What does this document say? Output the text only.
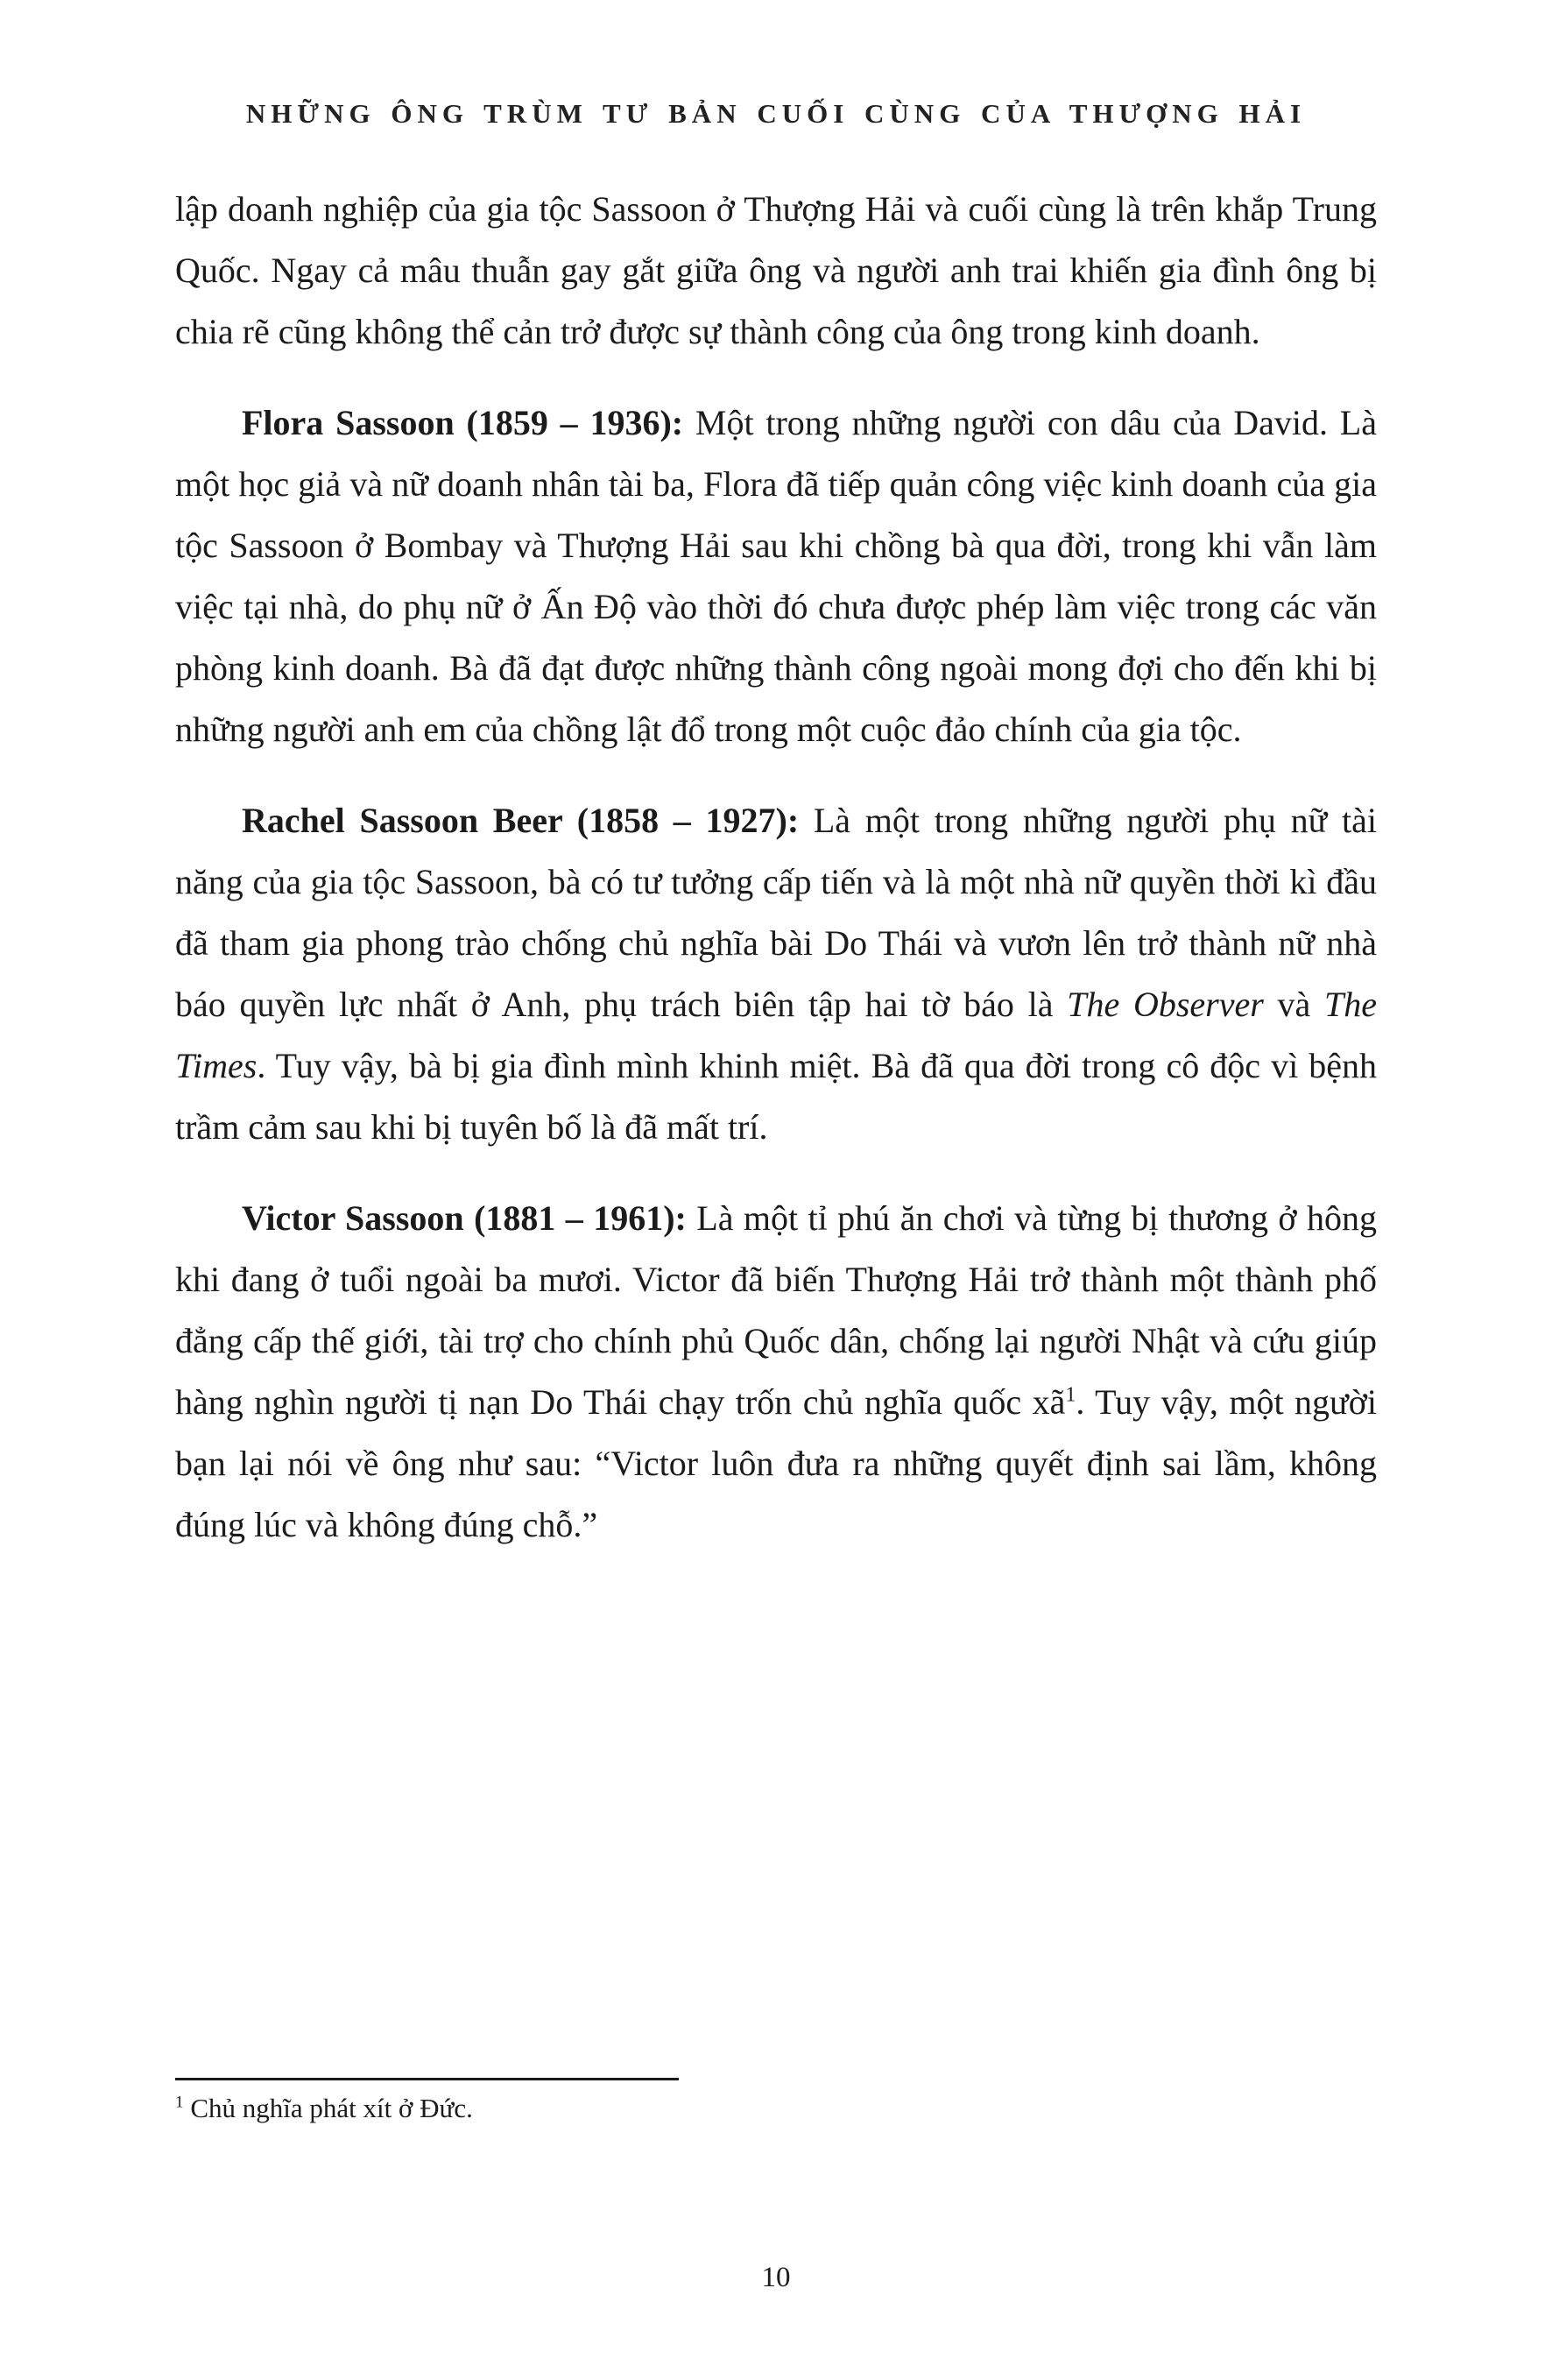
NHỮNG ÔNG TRÙM TƯ BẢN CUỐI CÙNG CỦA THƯỢNG HẢI

lập doanh nghiệp của gia tộc Sassoon ở Thượng Hải và cuối cùng là trên khắp Trung Quốc. Ngay cả mâu thuẫn gay gắt giữa ông và người anh trai khiến gia đình ông bị chia rẽ cũng không thể cản trở được sự thành công của ông trong kinh doanh.

Flora Sassoon (1859 – 1936): Một trong những người con dâu của David. Là một học giả và nữ doanh nhân tài ba, Flora đã tiếp quản công việc kinh doanh của gia tộc Sassoon ở Bombay và Thượng Hải sau khi chồng bà qua đời, trong khi vẫn làm việc tại nhà, do phụ nữ ở Ấn Độ vào thời đó chưa được phép làm việc trong các văn phòng kinh doanh. Bà đã đạt được những thành công ngoài mong đợi cho đến khi bị những người anh em của chồng lật đổ trong một cuộc đảo chính của gia tộc.

Rachel Sassoon Beer (1858 – 1927): Là một trong những người phụ nữ tài năng của gia tộc Sassoon, bà có tư tưởng cấp tiến và là một nhà nữ quyền thời kì đầu đã tham gia phong trào chống chủ nghĩa bài Do Thái và vươn lên trở thành nữ nhà báo quyền lực nhất ở Anh, phụ trách biên tập hai tờ báo là The Observer và The Times. Tuy vậy, bà bị gia đình mình khinh miệt. Bà đã qua đời trong cô độc vì bệnh trầm cảm sau khi bị tuyên bố là đã mất trí.

Victor Sassoon (1881 – 1961): Là một tỉ phú ăn chơi và từng bị thương ở hông khi đang ở tuổi ngoài ba mươi. Victor đã biến Thượng Hải trở thành một thành phố đẳng cấp thế giới, tài trợ cho chính phủ Quốc dân, chống lại người Nhật và cứu giúp hàng nghìn người tị nạn Do Thái chạy trốn chủ nghĩa quốc xã$^1$. Tuy vậy, một người bạn lại nói về ông như sau: “Victor luôn đưa ra những quyết định sai lầm, không đúng lúc và không đúng chỗ.”

$^1$ Chủ nghĩa phát xít ở Đức.
10
